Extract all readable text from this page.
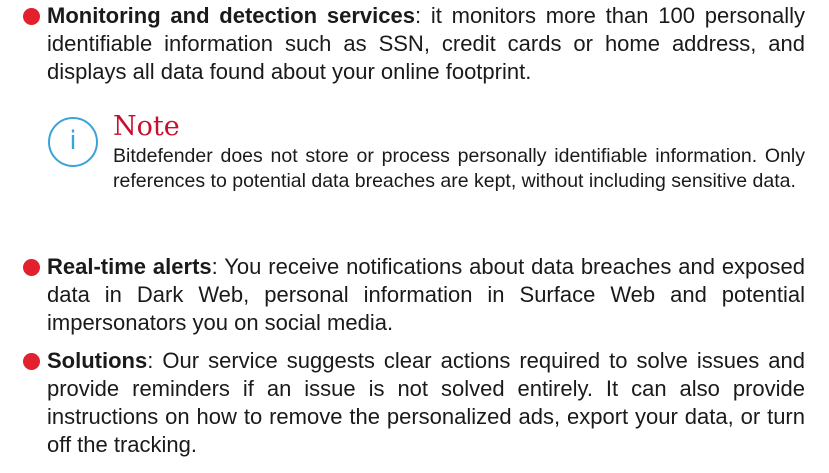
Monitoring and detection services: it monitors more than 100 personally identifiable information such as SSN, credit cards or home address, and displays all data found about your online footprint.
i	Note
Bitdefender does not store or process personally identifiable information. Only references to potential data breaches are kept, without including sensitive data.
Real-time alerts: You receive notifications about data breaches and exposed data in Dark Web, personal information in Surface Web and potential impersonators you on social media.
Solutions: Our service suggests clear actions required to solve issues and provide reminders if an issue is not solved entirely. It can also provide instructions on how to remove the personalized ads, export your data, or turn off the tracking.
